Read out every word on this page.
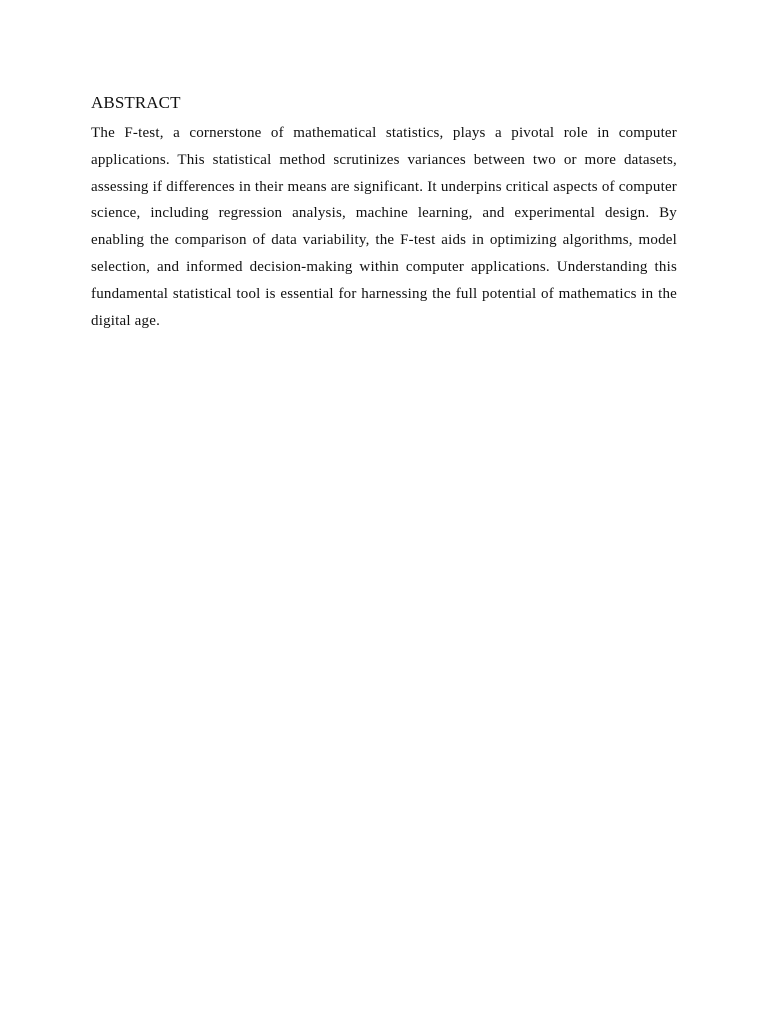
ABSTRACT

The F-test, a cornerstone of mathematical statistics, plays a pivotal role in computer applications. This statistical method scrutinizes variances between two or more datasets, assessing if differences in their means are significant. It underpins critical aspects of computer science, including regression analysis, machine learning, and experimental design. By enabling the comparison of data variability, the F-test aids in optimizing algorithms, model selection, and informed decision-making within computer applications. Understanding this fundamental statistical tool is essential for harnessing the full potential of mathematics in the digital age.
